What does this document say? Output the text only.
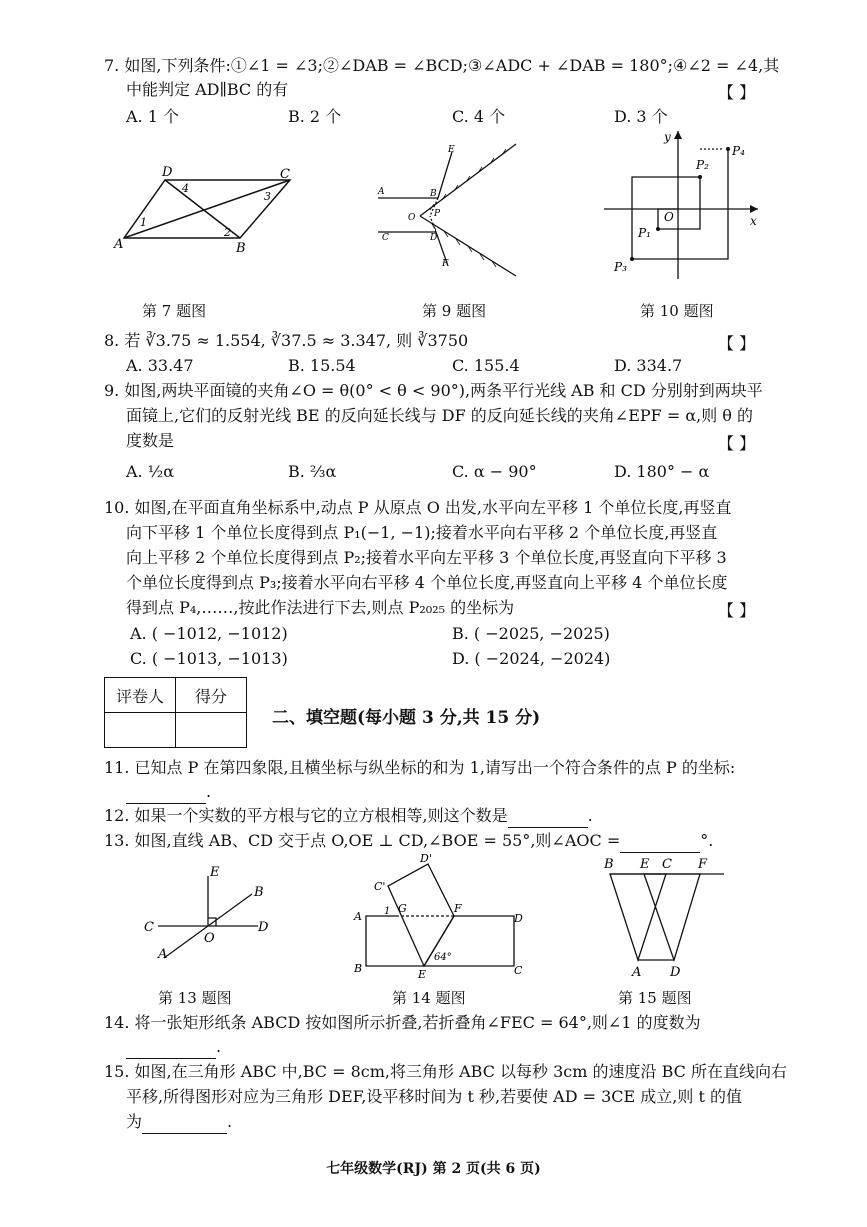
7. 如图,下列条件:①∠1 = ∠3;②∠DAB = ∠BCD;③∠ADC + ∠DAB = 180°;④∠2 = ∠4,其
中能判定 AD∥BC 的有	【 】
A. 1 个	B. 2 个	C. 4 个	D. 3 个
A	B
C
D
1
2
3
4
第 7 题图
A	B
C	D
E
F
O P
第 9 题图
x
y
O
P₁
P₂
P₃
P₄
第 10 题图
8. 若 ∛3.75 ≈ 1.554, ∛37.5 ≈ 3.347, 则 ∛3750	【 】
A. 33.47	B. 15.54	C. 155.4	D. 334.7
9. 如图,两块平面镜的夹角∠O = θ(0° < θ < 90°),两条平行光线 AB 和 CD 分别射到两块平
面镜上,它们的反射光线 BE 的反向延长线与 DF 的反向延长线的夹角∠EPF = α,则 θ 的
度数是	【 】
A. ½α	B. ⅔α	C. α − 90°	D. 180° − α
10. 如图,在平面直角坐标系中,动点 P 从原点 O 出发,水平向左平移 1 个单位长度,再竖直
向下平移 1 个单位长度得到点 P₁(−1, −1);接着水平向右平移 2 个单位长度,再竖直
向上平移 2 个单位长度得到点 P₂;接着水平向左平移 3 个单位长度,再竖直向下平移 3
个单位长度得到点 P₃;接着水平向右平移 4 个单位长度,再竖直向上平移 4 个单位长度
得到点 P₄,……,按此作法进行下去,则点 P₂₀₂₅ 的坐标为	【 】
A. ( −1012, −1012)	B. ( −2025, −2025)
C. ( −1013, −1013)	D. ( −2024, −2024)
评卷人	得分

二、填空题(每小题 3 分,共 15 分)
11. 已知点 P 在第四象限,且横坐标与纵坐标的和为 1,请写出一个符合条件的点 P 的坐标:
.
12. 如果一个实数的平方根与它的立方根相等,则这个数是	.
13. 如图,直线 AB、CD 交于点 O,OE ⊥ CD,∠BOE = 55°,则∠AOC =	°.
A
B
C	D
E
O
第 13 题图
A
B	C
D
C'
D'
E
F
G
1
64°
第 14 题图
B E C F
A D
第 15 题图
14. 将一张矩形纸条 ABCD 按如图所示折叠,若折叠角∠FEC = 64°,则∠1 的度数为
.
15. 如图,在三角形 ABC 中,BC = 8cm,将三角形 ABC 以每秒 3cm 的速度沿 BC 所在直线向右
平移,所得图形对应为三角形 DEF,设平移时间为 t 秒,若要使 AD = 3CE 成立,则 t 的值
为	.
七年级数学(RJ) 第 2 页(共 6 页)
